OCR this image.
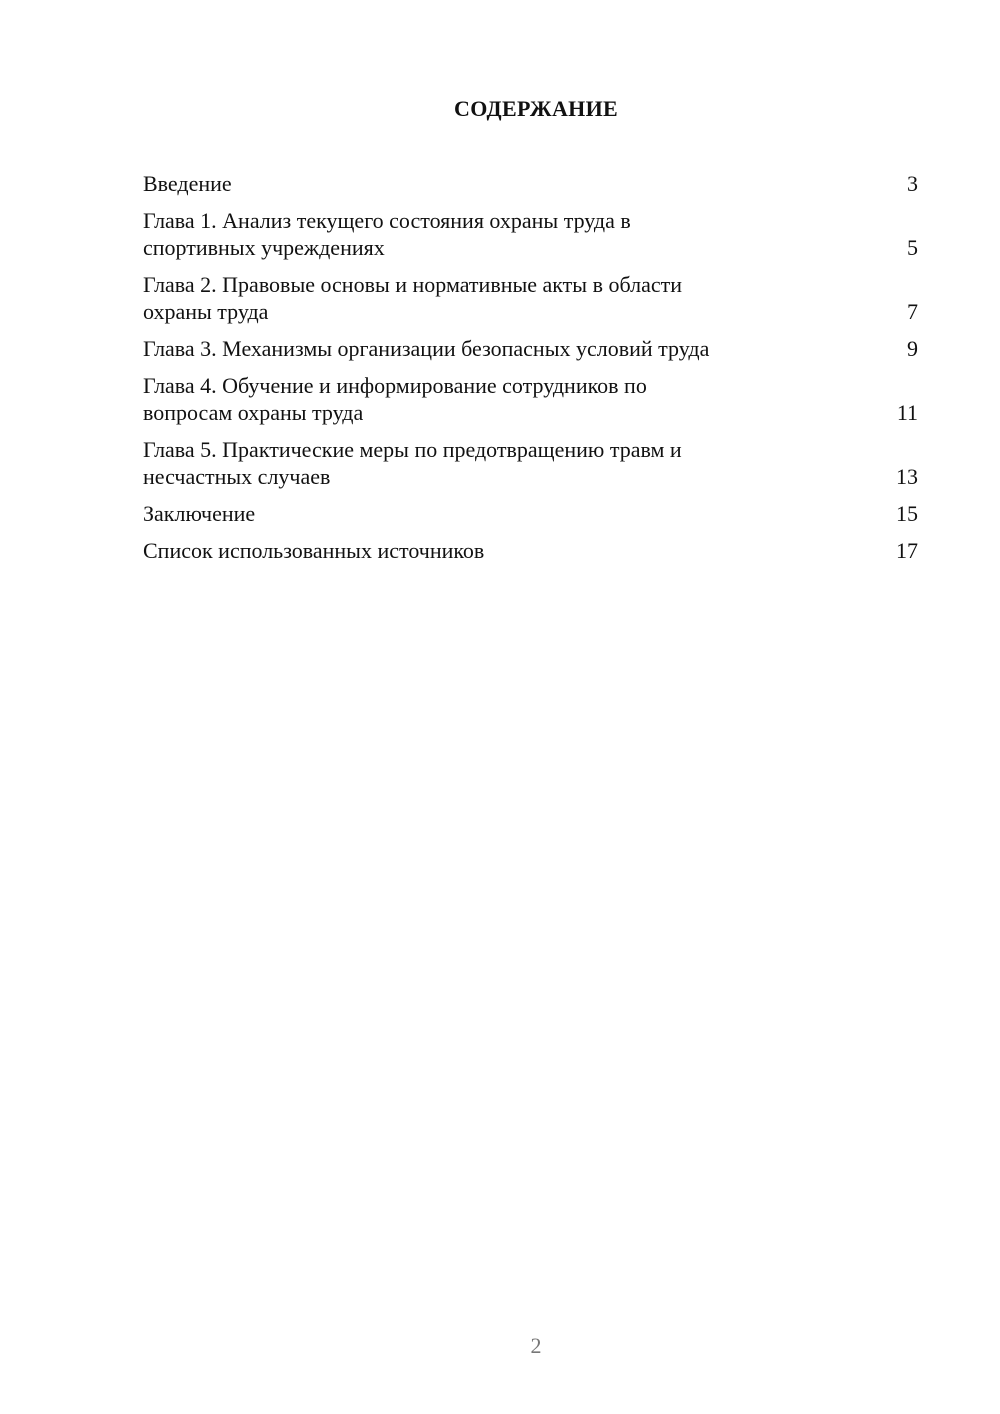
СОДЕРЖАНИЕ
Введение	3
Глава 1. Анализ текущего состояния охраны труда в
спортивных учреждениях	5
Глава 2. Правовые основы и нормативные акты в области
охраны труда	7
Глава 3. Механизмы организации безопасных условий труда	9
Глава 4. Обучение и информирование сотрудников по
вопросам охраны труда	11
Глава 5. Практические меры по предотвращению травм и
несчастных случаев	13
Заключение	15
Список использованных источников	17
2
